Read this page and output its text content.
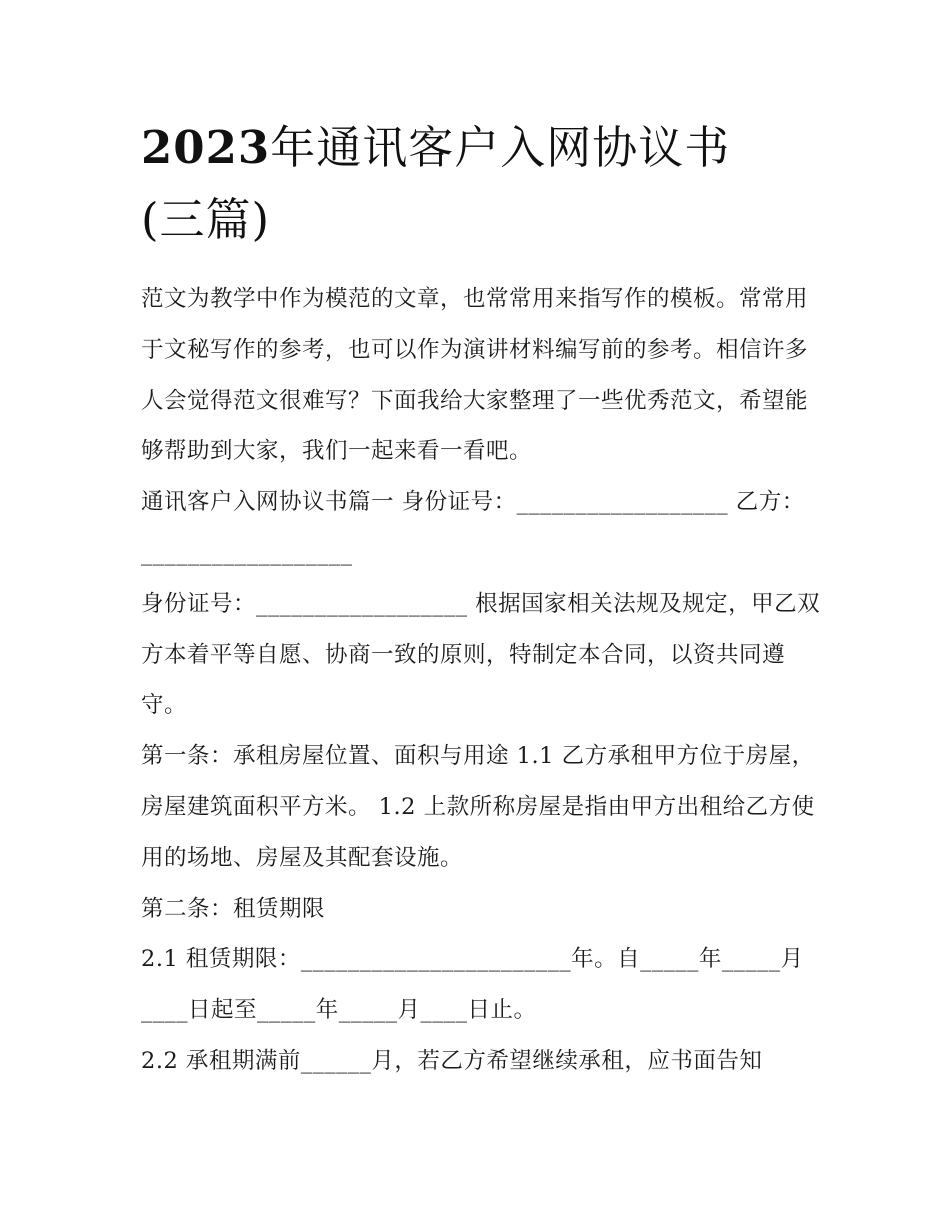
2023年通讯客户入网协议书
(三篇)

范文为教学中作为模范的文章，也常常用来指写作的模板。常常用于文秘写作的参考，也可以作为演讲材料编写前的参考。相信许多人会觉得范文很难写？下面我给大家整理了一些优秀范文，希望能够帮助到大家，我们一起来看一看吧。

通讯客户入网协议书篇一 身份证号：__________________ 乙方：__________________

身份证号：__________________ 根据国家相关法规及规定，甲乙双方本着平等自愿、协商一致的原则，特制定本合同，以资共同遵守。

第一条：承租房屋位置、面积与用途 1.1 乙方承租甲方位于房屋，房屋建筑面积平方米。 1.2 上款所称房屋是指由甲方出租给乙方使用的场地、房屋及其配套设施。

第二条：租赁期限

2.1 租赁期限：_______________________年。自_____年_____月____日起至_____年_____月____日止。

2.2 承租期满前______月，若乙方希望继续承租，应书面告知
